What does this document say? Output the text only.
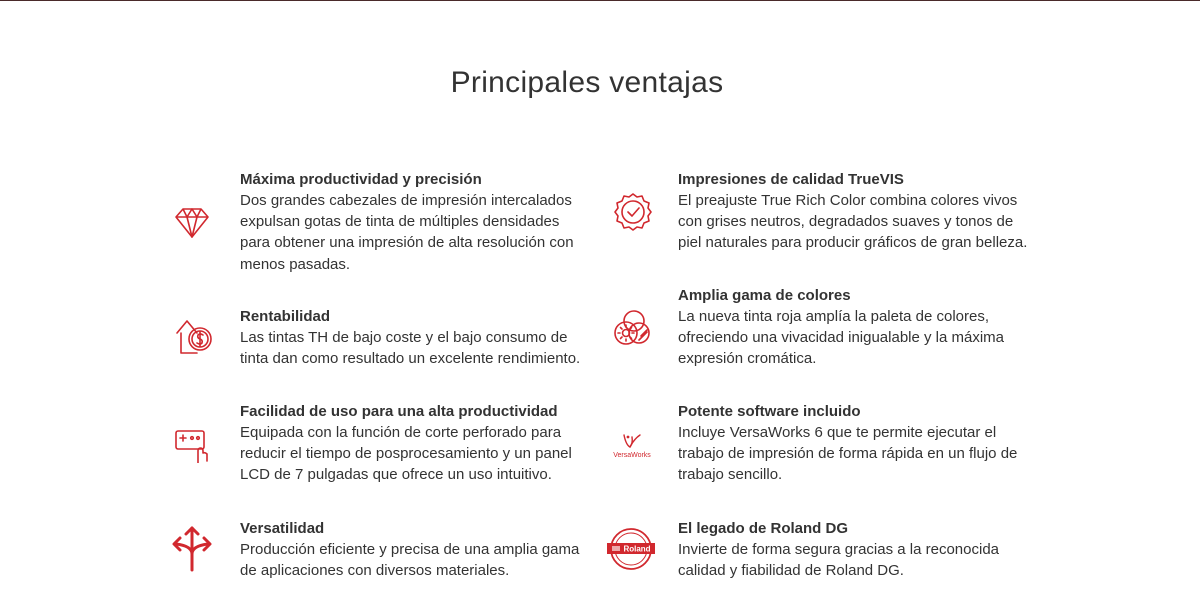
Principales ventajas
Máxima productividad y precisión

Dos grandes cabezales de impresión intercalados expulsan gotas de tinta de múltiples densidades para obtener una impresión de alta resolución con menos pasadas.

Rentabilidad

Las tintas TH de bajo coste y el bajo consumo de tinta dan como resultado un excelente rendimiento.

Facilidad de uso para una alta productividad

Equipada con la función de corte perforado para reducir el tiempo de posprocesamiento y un panel LCD de 7 pulgadas que ofrece un uso intuitivo.

Versatilidad

Producción eficiente y precisa de una amplia gama de aplicaciones con diversos materiales.

Impresiones de calidad TrueVIS

El preajuste True Rich Color combina colores vivos con grises neutros, degradados suaves y tonos de piel naturales para producir gráficos de gran belleza.

Amplia gama de colores

La nueva tinta roja amplía la paleta de colores, ofreciendo una vivacidad inigualable y la máxima expresión cromática.

VersaWorks
Potente software incluido

Incluye VersaWorks 6 que te permite ejecutar el trabajo de impresión de forma rápida en un flujo de trabajo sencillo.

Roland
El legado de Roland DG

Invierte de forma segura gracias a la reconocida calidad y fiabilidad de Roland DG.
